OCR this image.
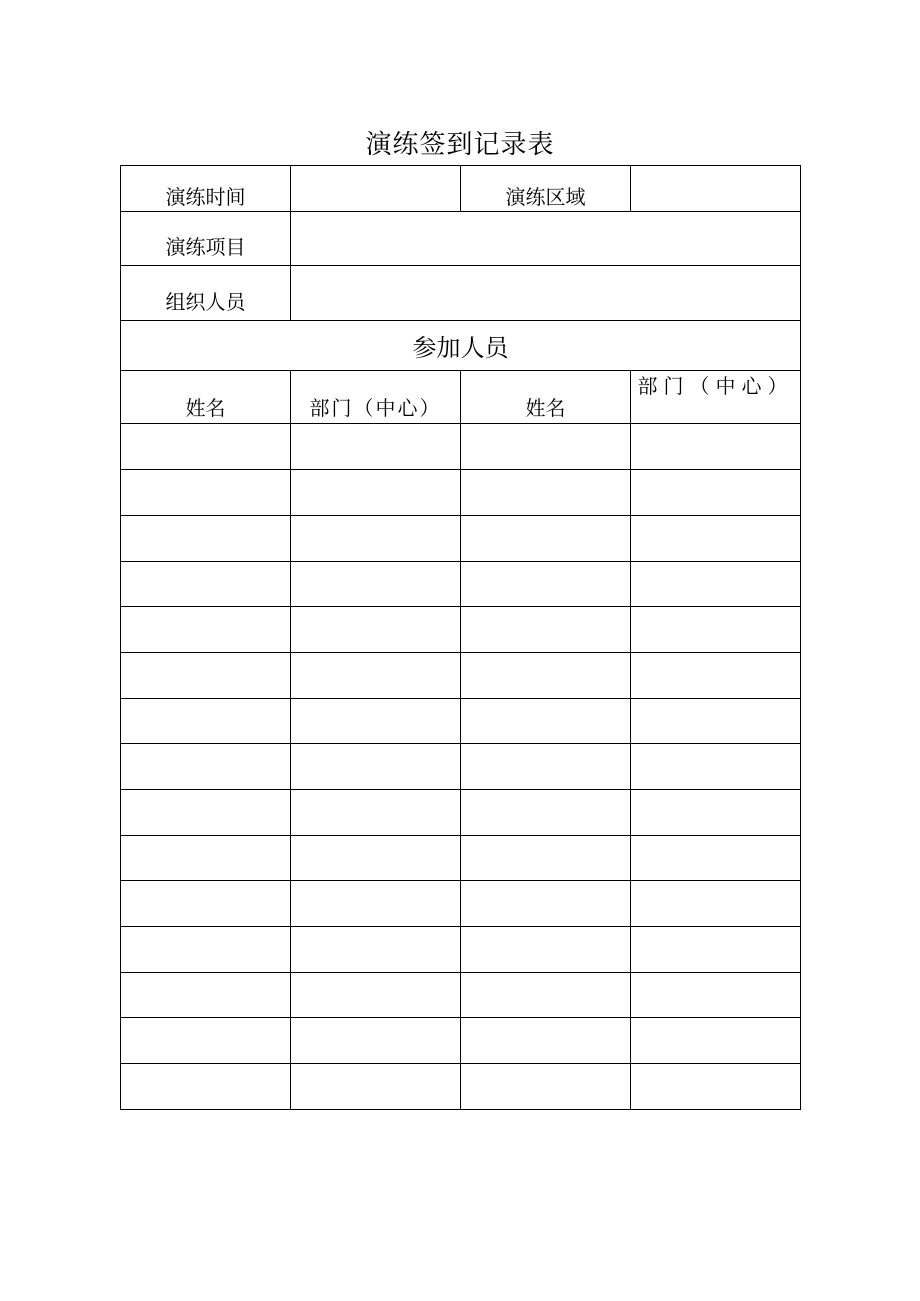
演练签到记录表
演练时间		演练区域	
演练项目			
组织人员			
参加人员			
姓名	部门（中心）	姓名	部门（中心）
